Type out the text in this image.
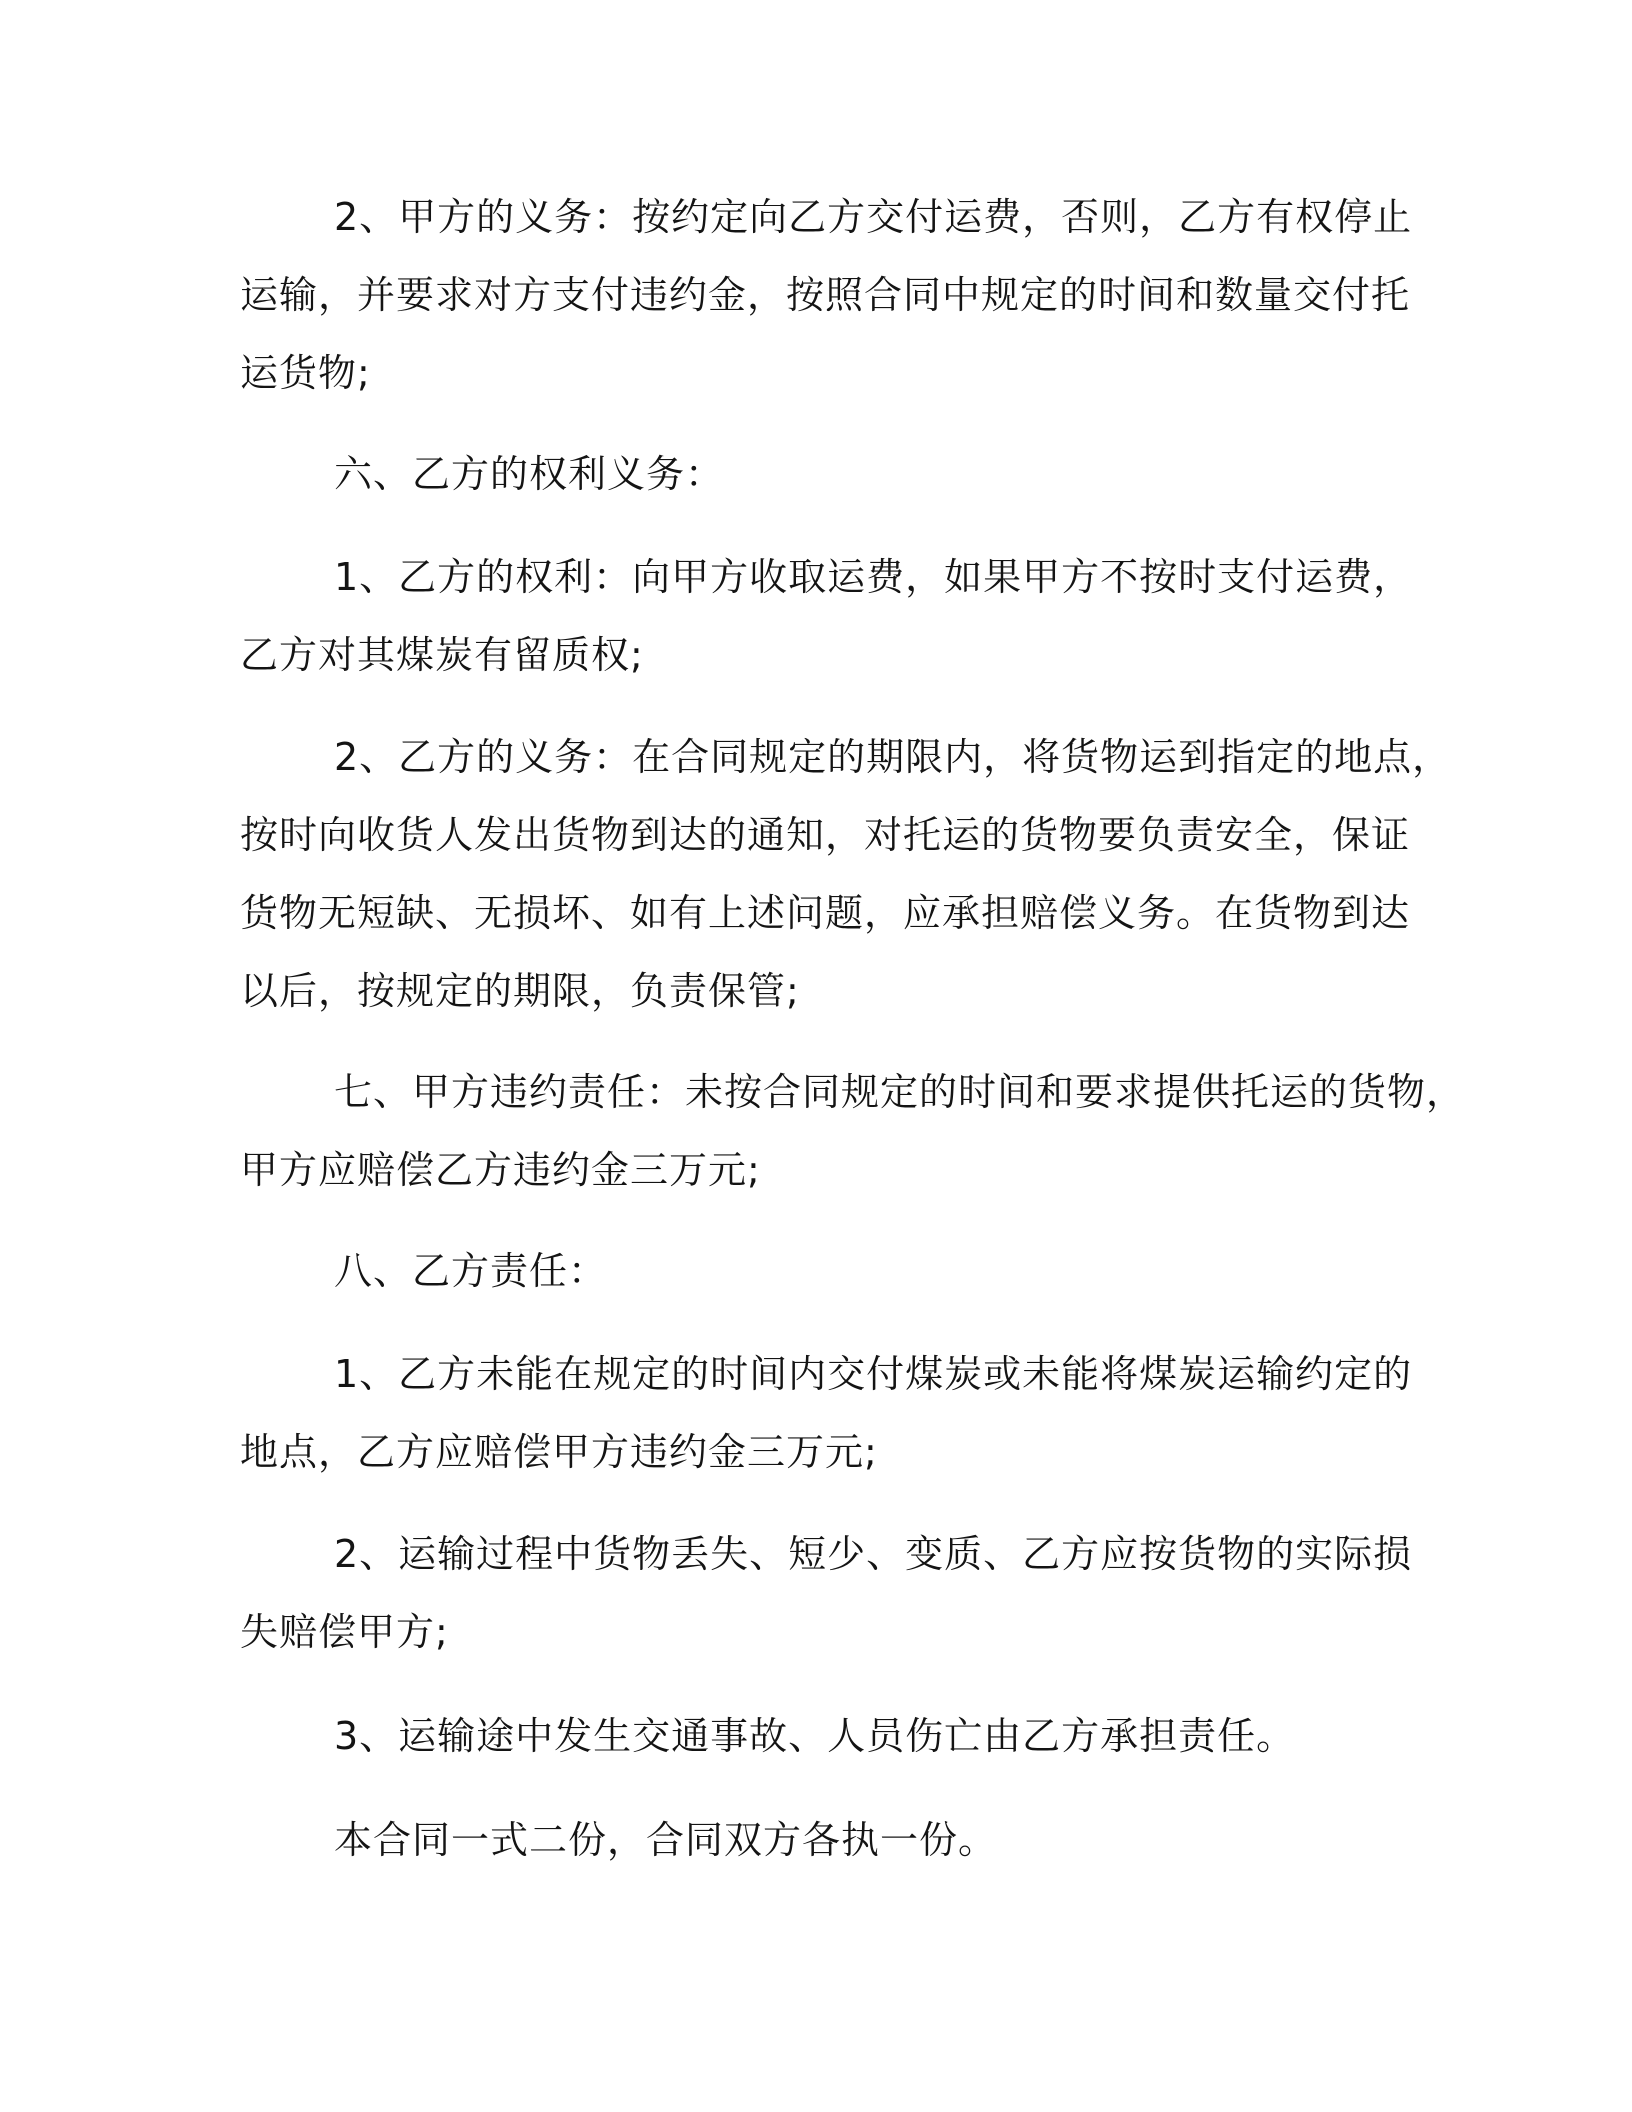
2、甲方的义务：按约定向乙方交付运费，否则，乙方有权停止
运输，并要求对方支付违约金，按照合同中规定的时间和数量交付托
运货物;
六、乙方的权利义务：
1、乙方的权利：向甲方收取运费，如果甲方不按时支付运费，
乙方对其煤炭有留质权;
2、乙方的义务：在合同规定的期限内，将货物运到指定的地点，
按时向收货人发出货物到达的通知，对托运的货物要负责安全，保证
货物无短缺、无损坏、如有上述问题，应承担赔偿义务。在货物到达
以后，按规定的期限，负责保管;
七、甲方违约责任：未按合同规定的时间和要求提供托运的货物，
甲方应赔偿乙方违约金三万元;
八、乙方责任：
1、乙方未能在规定的时间内交付煤炭或未能将煤炭运输约定的
地点，乙方应赔偿甲方违约金三万元;
2、运输过程中货物丢失、短少、变质、乙方应按货物的实际损
失赔偿甲方;
3、运输途中发生交通事故、人员伤亡由乙方承担责任。
本合同一式二份，合同双方各执一份。
